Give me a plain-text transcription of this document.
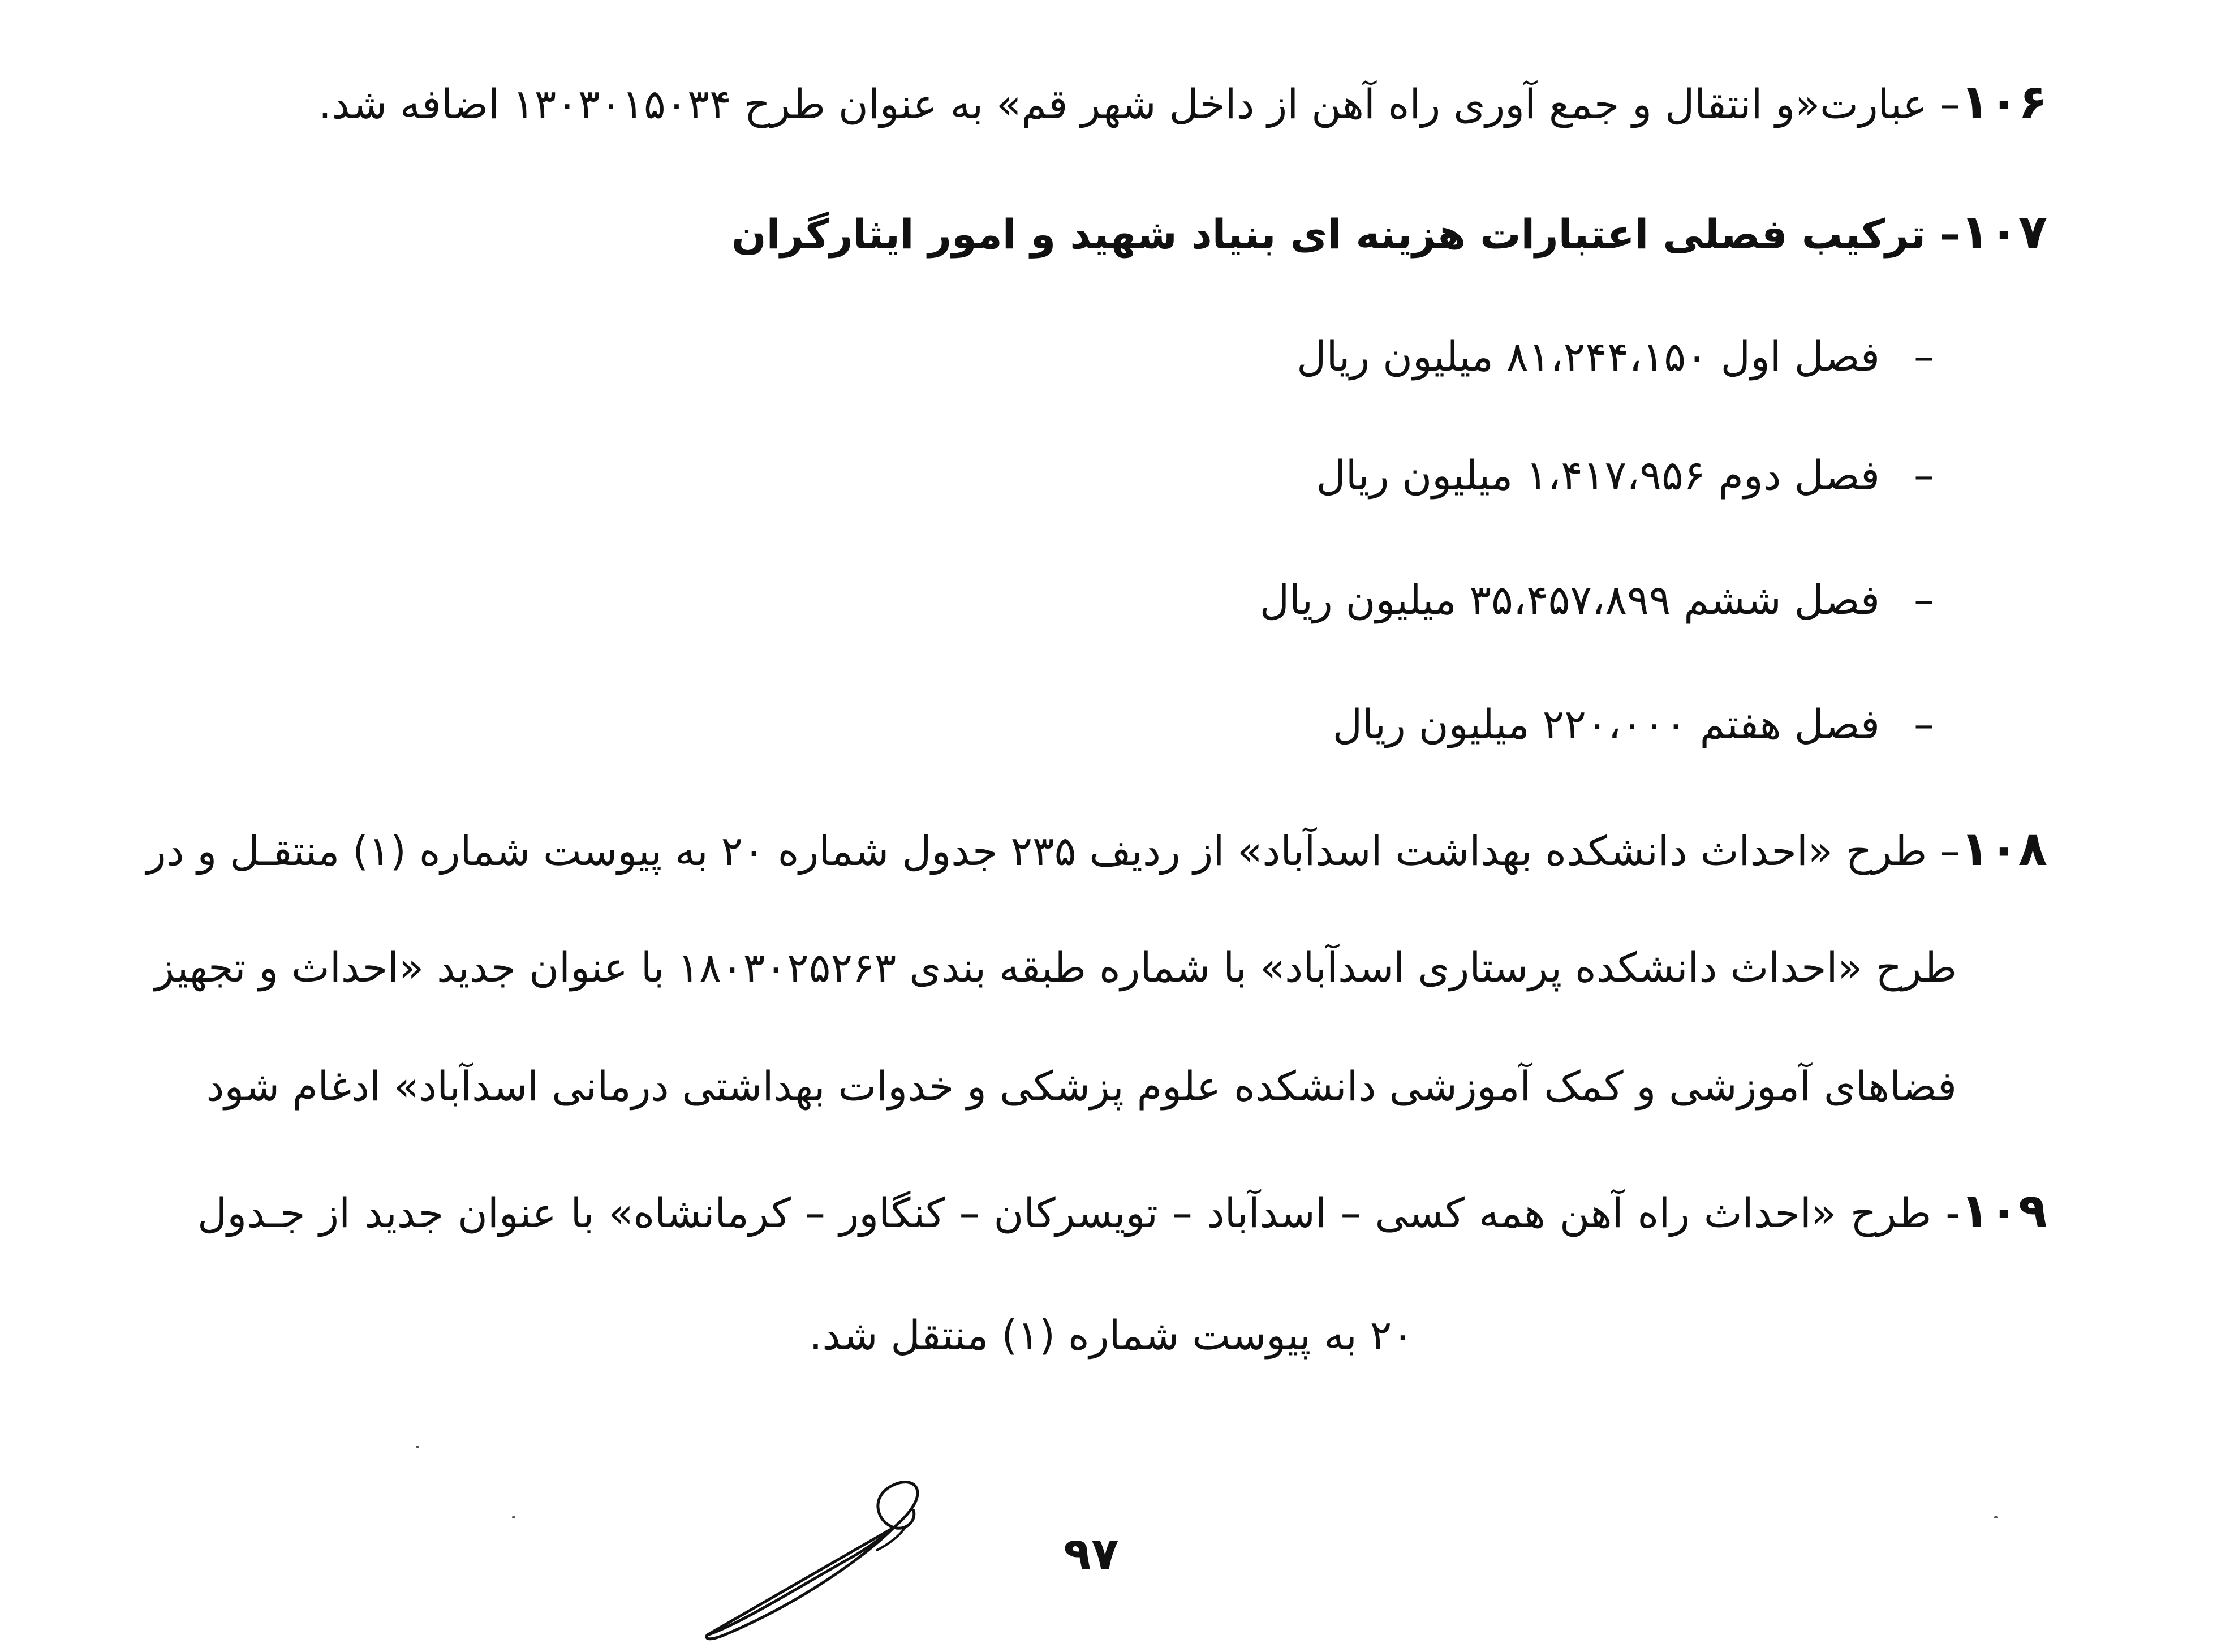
۱۰۶– عبارت«و انتقال و جمع آوری راه آهن از داخل شهر قم» به عنوان طرح ۱۳۰۳۰۱۵۰۳۴ اضافه شد.
۱۰۷– ترکیب فصلی اعتبارات هزینه ای بنیاد شهید و امور ایثارگران
–فصل اول ۸۱،۲۴۴،۱۵۰ میلیون ریال
–فصل دوم ۱،۴۱۷،۹۵۶ میلیون ریال
–فصل ششم ۳۵،۴۵۷،۸۹۹ میلیون ریال
–فصل هفتم ۲۲۰،۰۰۰ میلیون ریال
۱۰۸– طرح «احداث دانشکده بهداشت اسدآباد» از ردیف ۲۳۵ جدول شماره ۲۰ به پیوست شماره (۱) منتقـل و در
طرح «احداث دانشکده پرستاری اسدآباد» با شماره طبقه بندی ۱۸۰۳۰۲۵۲۶۳ با عنوان جدید «احداث و تجهیز
فضاهای آموزشی و کمک آموزشی دانشکده علوم پزشکی و خدوات بهداشتی درمانی اسدآباد» ادغام شود
۱۰۹- طرح «احداث راه آهن همه کسی – اسدآباد – تویسرکان – کنگاور – کرمانشاه» با عنوان جدید از جـدول
۲۰ به پیوست شماره (۱) منتقل شد.
۹۷
